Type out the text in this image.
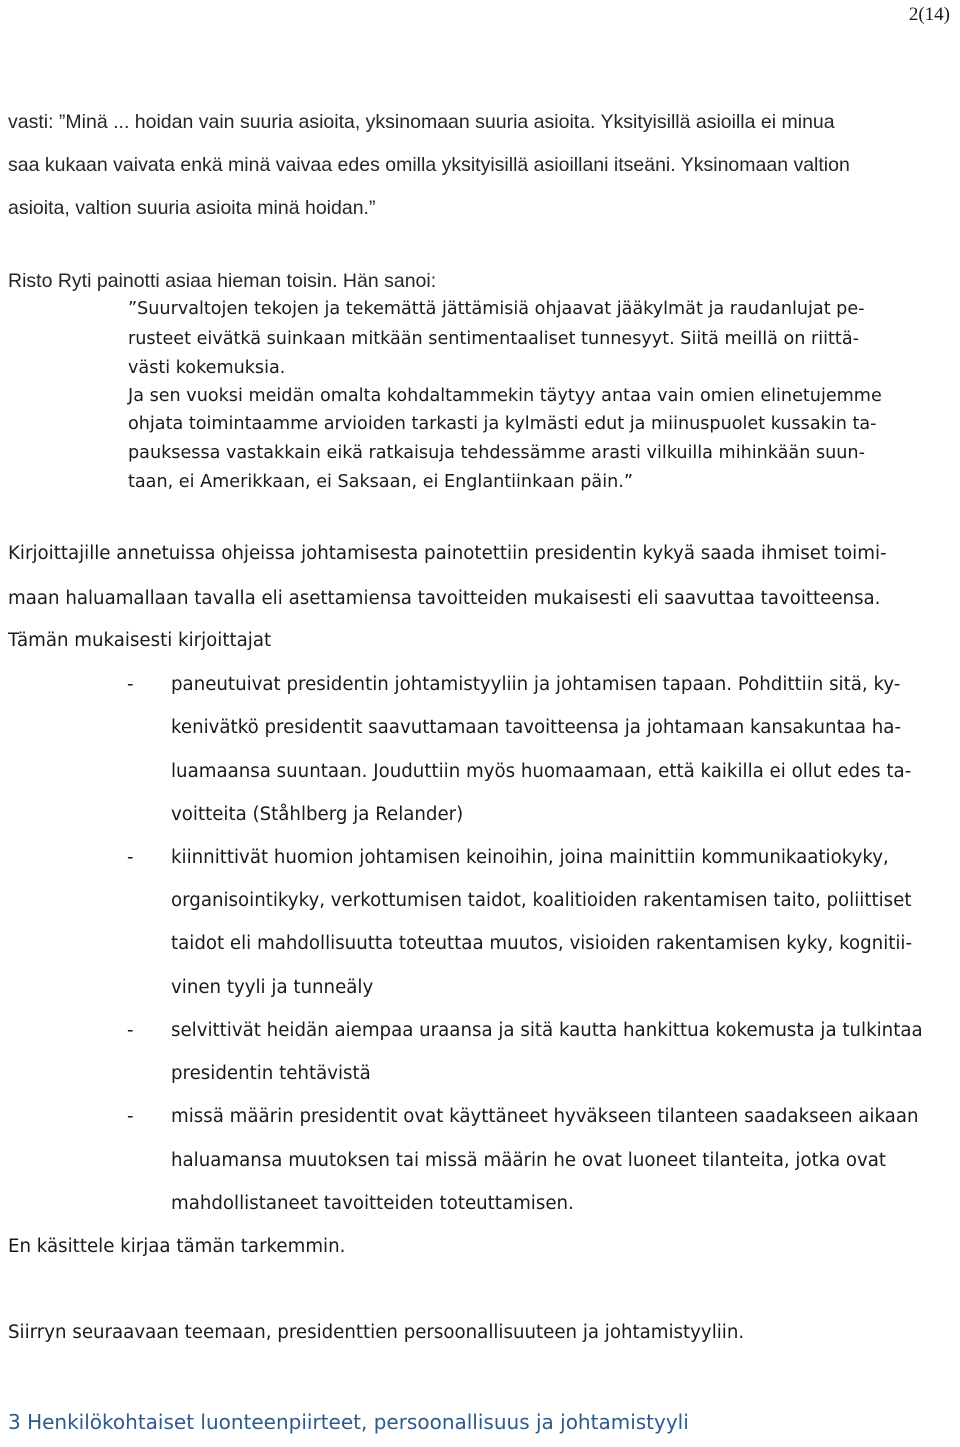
2(14)
vasti: ”Minä ... hoidan vain suuria asioita, yksinomaan suuria asioita. Yksityisillä asioilla ei minua
saa kukaan vaivata enkä minä vaivaa edes omilla yksityisillä asioillani itseäni. Yksinomaan valtion
asioita, valtion suuria asioita minä hoidan.”
Risto Ryti painotti asiaa hieman toisin. Hän sanoi:
”Suurvaltojen tekojen ja tekemättä jättämisiä ohjaavat jääkylmät ja raudanlujat pe-
rusteet eivätkä suinkaan mitkään sentimentaaliset tunnesyyt. Siitä meillä on riittä-
västi kokemuksia.
Ja sen vuoksi meidän omalta kohdaltammekin täytyy antaa vain omien elinetujemme
ohjata toimintaamme arvioiden tarkasti ja kylmästi edut ja miinuspuolet kussakin ta-
pauksessa vastakkain eikä ratkaisuja tehdessämme arasti vilkuilla mihinkään suun-
taan, ei Amerikkaan, ei Saksaan, ei Englantiinkaan päin.”
Kirjoittajille annetuissa ohjeissa johtamisesta painotettiin presidentin kykyä saada ihmiset toimi-
maan haluamallaan tavalla eli asettamiensa tavoitteiden mukaisesti eli saavuttaa tavoitteensa.
Tämän mukaisesti kirjoittajat
- paneutuivat presidentin johtamistyyliin ja johtamisen tapaan. Pohdittiin sitä, ky-
kenivätkö presidentit saavuttamaan tavoitteensa ja johtamaan kansakuntaa ha-
luamaansa suuntaan. Jouduttiin myös huomaamaan, että kaikilla ei ollut edes ta-
voitteita (Ståhlberg ja Relander)
- kiinnittivät huomion johtamisen keinoihin, joina mainittiin kommunikaatiokyky,
organisointikyky, verkottumisen taidot, koalitioiden rakentamisen taito, poliittiset
taidot eli mahdollisuutta toteuttaa muutos, visioiden rakentamisen kyky, kognitii-
vinen tyyli ja tunneäly
- selvittivät heidän aiempaa uraansa ja sitä kautta hankittua kokemusta ja tulkintaa
presidentin tehtävistä
- missä määrin presidentit ovat käyttäneet hyväkseen tilanteen saadakseen aikaan
haluamansa muutoksen tai missä määrin he ovat luoneet tilanteita, jotka ovat
mahdollistaneet tavoitteiden toteuttamisen.
En käsittele kirjaa tämän tarkemmin.
Siirryn seuraavaan teemaan, presidenttien persoonallisuuteen ja johtamistyyliin.
3 Henkilökohtaiset luonteenpiirteet, persoonallisuus ja johtamistyyli
